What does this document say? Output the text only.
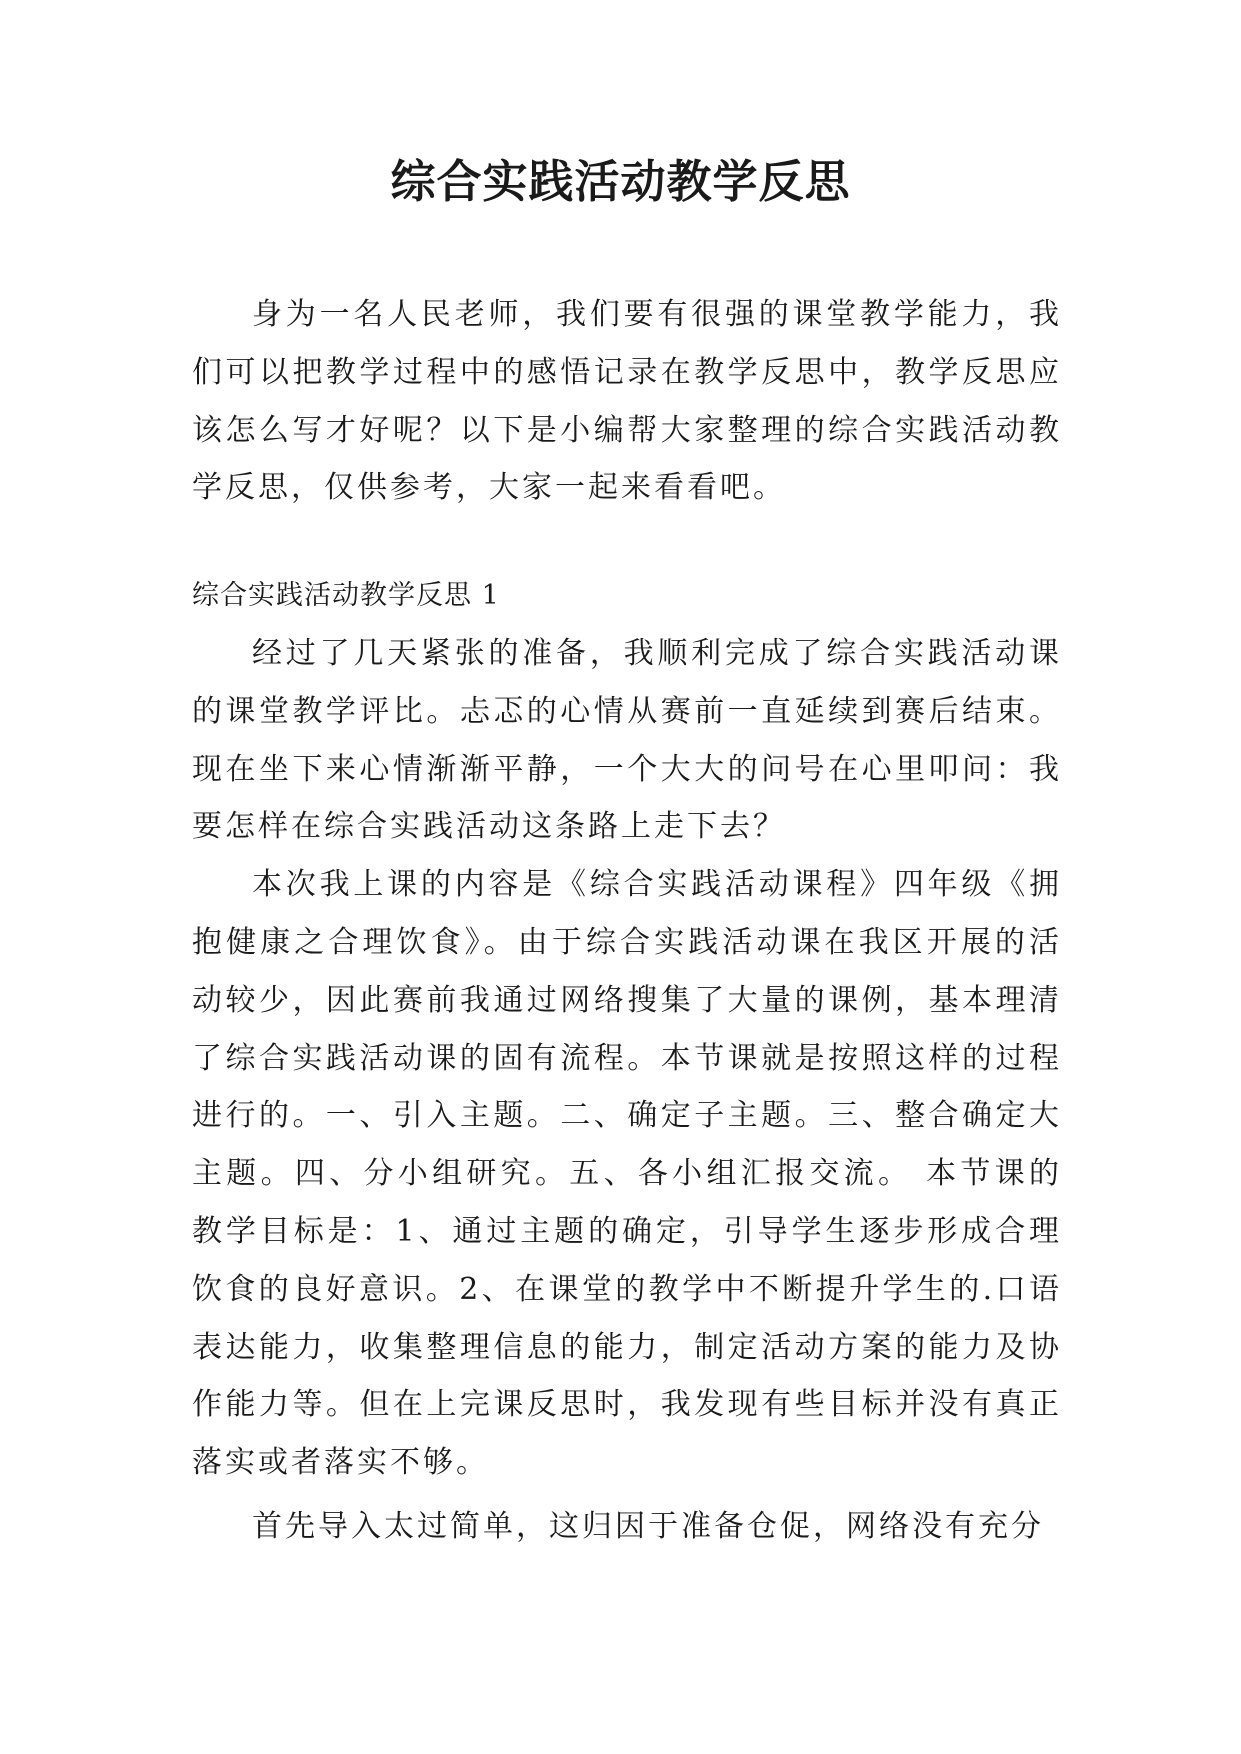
综合实践活动教学反思

身为一名人民老师，我们要有很强的课堂教学能力，我们可以把教学过程中的感悟记录在教学反思中，教学反思应该怎么写才好呢？以下是小编帮大家整理的综合实践活动教学反思，仅供参考，大家一起来看看吧。

综合实践活动教学反思 1

经过了几天紧张的准备，我顺利完成了综合实践活动课的课堂教学评比。忐忑的心情从赛前一直延续到赛后结束。现在坐下来心情渐渐平静，一个大大的问号在心里叩问：我要怎样在综合实践活动这条路上走下去？

本次我上课的内容是《综合实践活动课程》四年级《拥抱健康之合理饮食》。由于综合实践活动课在我区开展的活动较少，因此赛前我通过网络搜集了大量的课例，基本理清了综合实践活动课的固有流程。本节课就是按照这样的过程进行的。一、引入主题。二、确定子主题。三、整合确定大主题。四、分小组研究。五、各小组汇报交流。 本节课的教学目标是：1、通过主题的确定，引导学生逐步形成合理饮食的良好意识。2、在课堂的教学中不断提升学生的.口语表达能力，收集整理信息的能力，制定活动方案的能力及协作能力等。但在上完课反思时，我发现有些目标并没有真正落实或者落实不够。

首先导入太过简单，这归因于准备仓促，网络没有充分
